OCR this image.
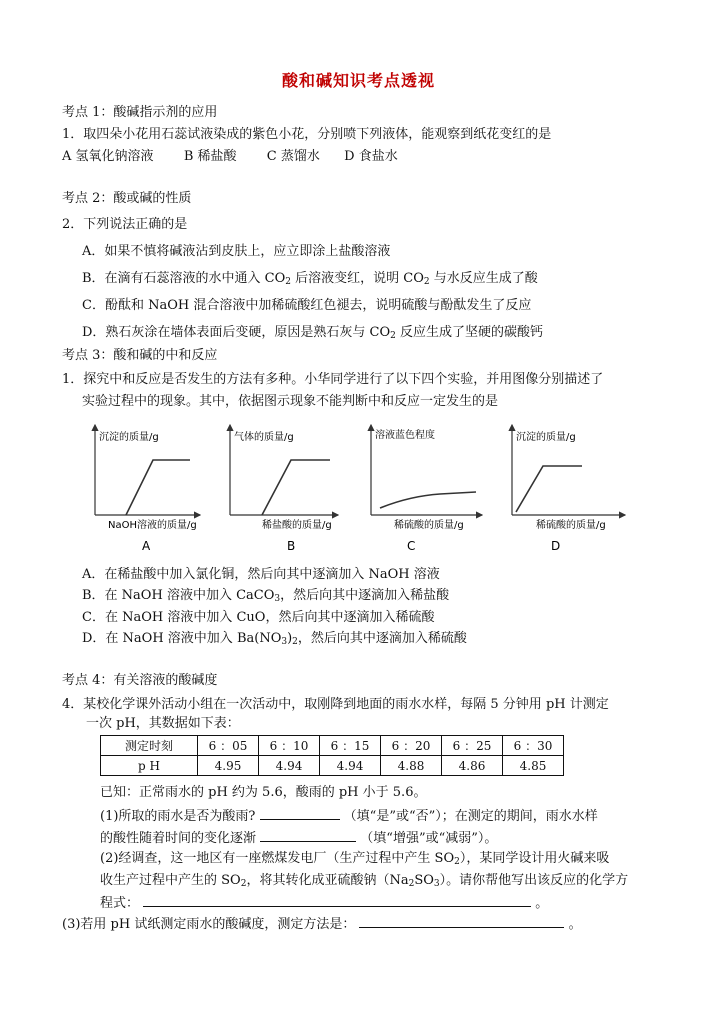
酸和碱知识考点透视
考点 1：酸碱指示剂的应用
1．取四朵小花用石蕊试液染成的紫色小花，分别喷下列液体，能观察到纸花变红的是
A 氢氧化钠溶液 B 稀盐酸 C 蒸馏水 D 食盐水
考点 2：酸或碱的性质
2．下列说法正确的是
A．如果不慎将碱液沾到皮肤上，应立即涂上盐酸溶液
B．在滴有石蕊溶液的水中通入 $CO_2$ 后溶液变红，说明 $CO_2$ 与水反应生成了酸
C．酚酞和 NaOH 混合溶液中加稀硫酸红色褪去，说明硫酸与酚酞发生了反应
D．熟石灰涂在墙体表面后变硬，原因是熟石灰与 $CO_2$ 反应生成了坚硬的碳酸钙
考点 3：酸和碱的中和反应
1．探究中和反应是否发生的方法有多种。小华同学进行了以下四个实验，并用图像分别描述了
实验过程中的现象。其中，依据图示现象不能判断中和反应一定发生的是
沉淀的质量/g
NaOH溶液的质量/g
A
气体的质量/g
稀盐酸的质量/g
B
溶液蓝色程度
稀硫酸的质量/g
C
沉淀的质量/g
稀硫酸的质量/g
D
A．在稀盐酸中加入氯化铜，然后向其中逐滴加入 NaOH 溶液
B．在 NaOH 溶液中加入 CaCO$_3$，然后向其中逐滴加入稀盐酸
C．在 NaOH 溶液中加入 CuO，然后向其中逐滴加入稀硫酸
D．在 NaOH 溶液中加入 $Ba(NO_3)_2$，然后向其中逐滴加入稀硫酸
考点 4：有关溶液的酸碱度
4．某校化学课外活动小组在一次活动中，取刚降到地面的雨水水样，每隔 5 分钟用 pH 计测定
一次 pH，其数据如下表：
测定时刻	6 ：05	6 ：10	6 ：15	6 ：20	6 ：25	6 ：30
p H	4.95	4.94	4.94	4.88	4.86	4.85
已知：正常雨水的 pH 约为 5.6，酸雨的 pH 小于 5.6。
(1)所取的雨水是否为酸雨?	（填“是”或“否”）；在测定的期间，雨水水样
的酸性随着时间的变化逐渐	（填“增强”或“减弱”）。
(2)经调查，这一地区有一座燃煤发电厂（生产过程中产生 $SO_2$），某同学设计用火碱来吸
收生产过程中产生的 $SO_2$，将其转化成亚硫酸钠$(Na_2SO_3)$。请你帮他写出该反应的化学方
程式：	。
(3)若用 pH 试纸测定雨水的酸碱度，测定方法是：	。
